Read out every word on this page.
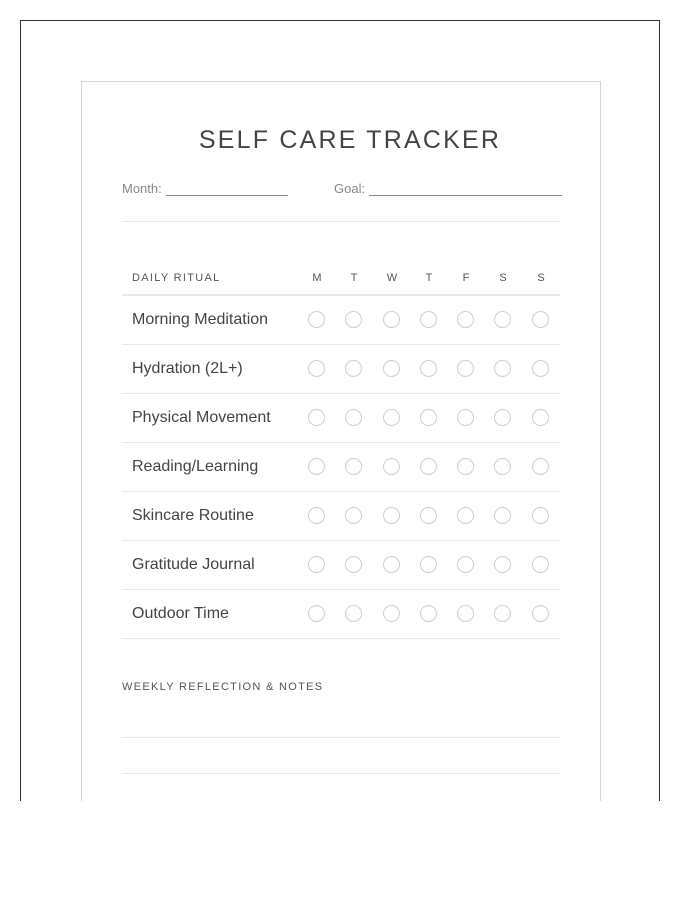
SELF CARE TRACKER
Month:	Goal:
DAILY RITUAL	M	T	W	T	F	S	S
Morning Meditation
Hydration (2L+)
Physical Movement
Reading/Learning
Skincare Routine
Gratitude Journal
Outdoor Time
WEEKLY REFLECTION & NOTES
